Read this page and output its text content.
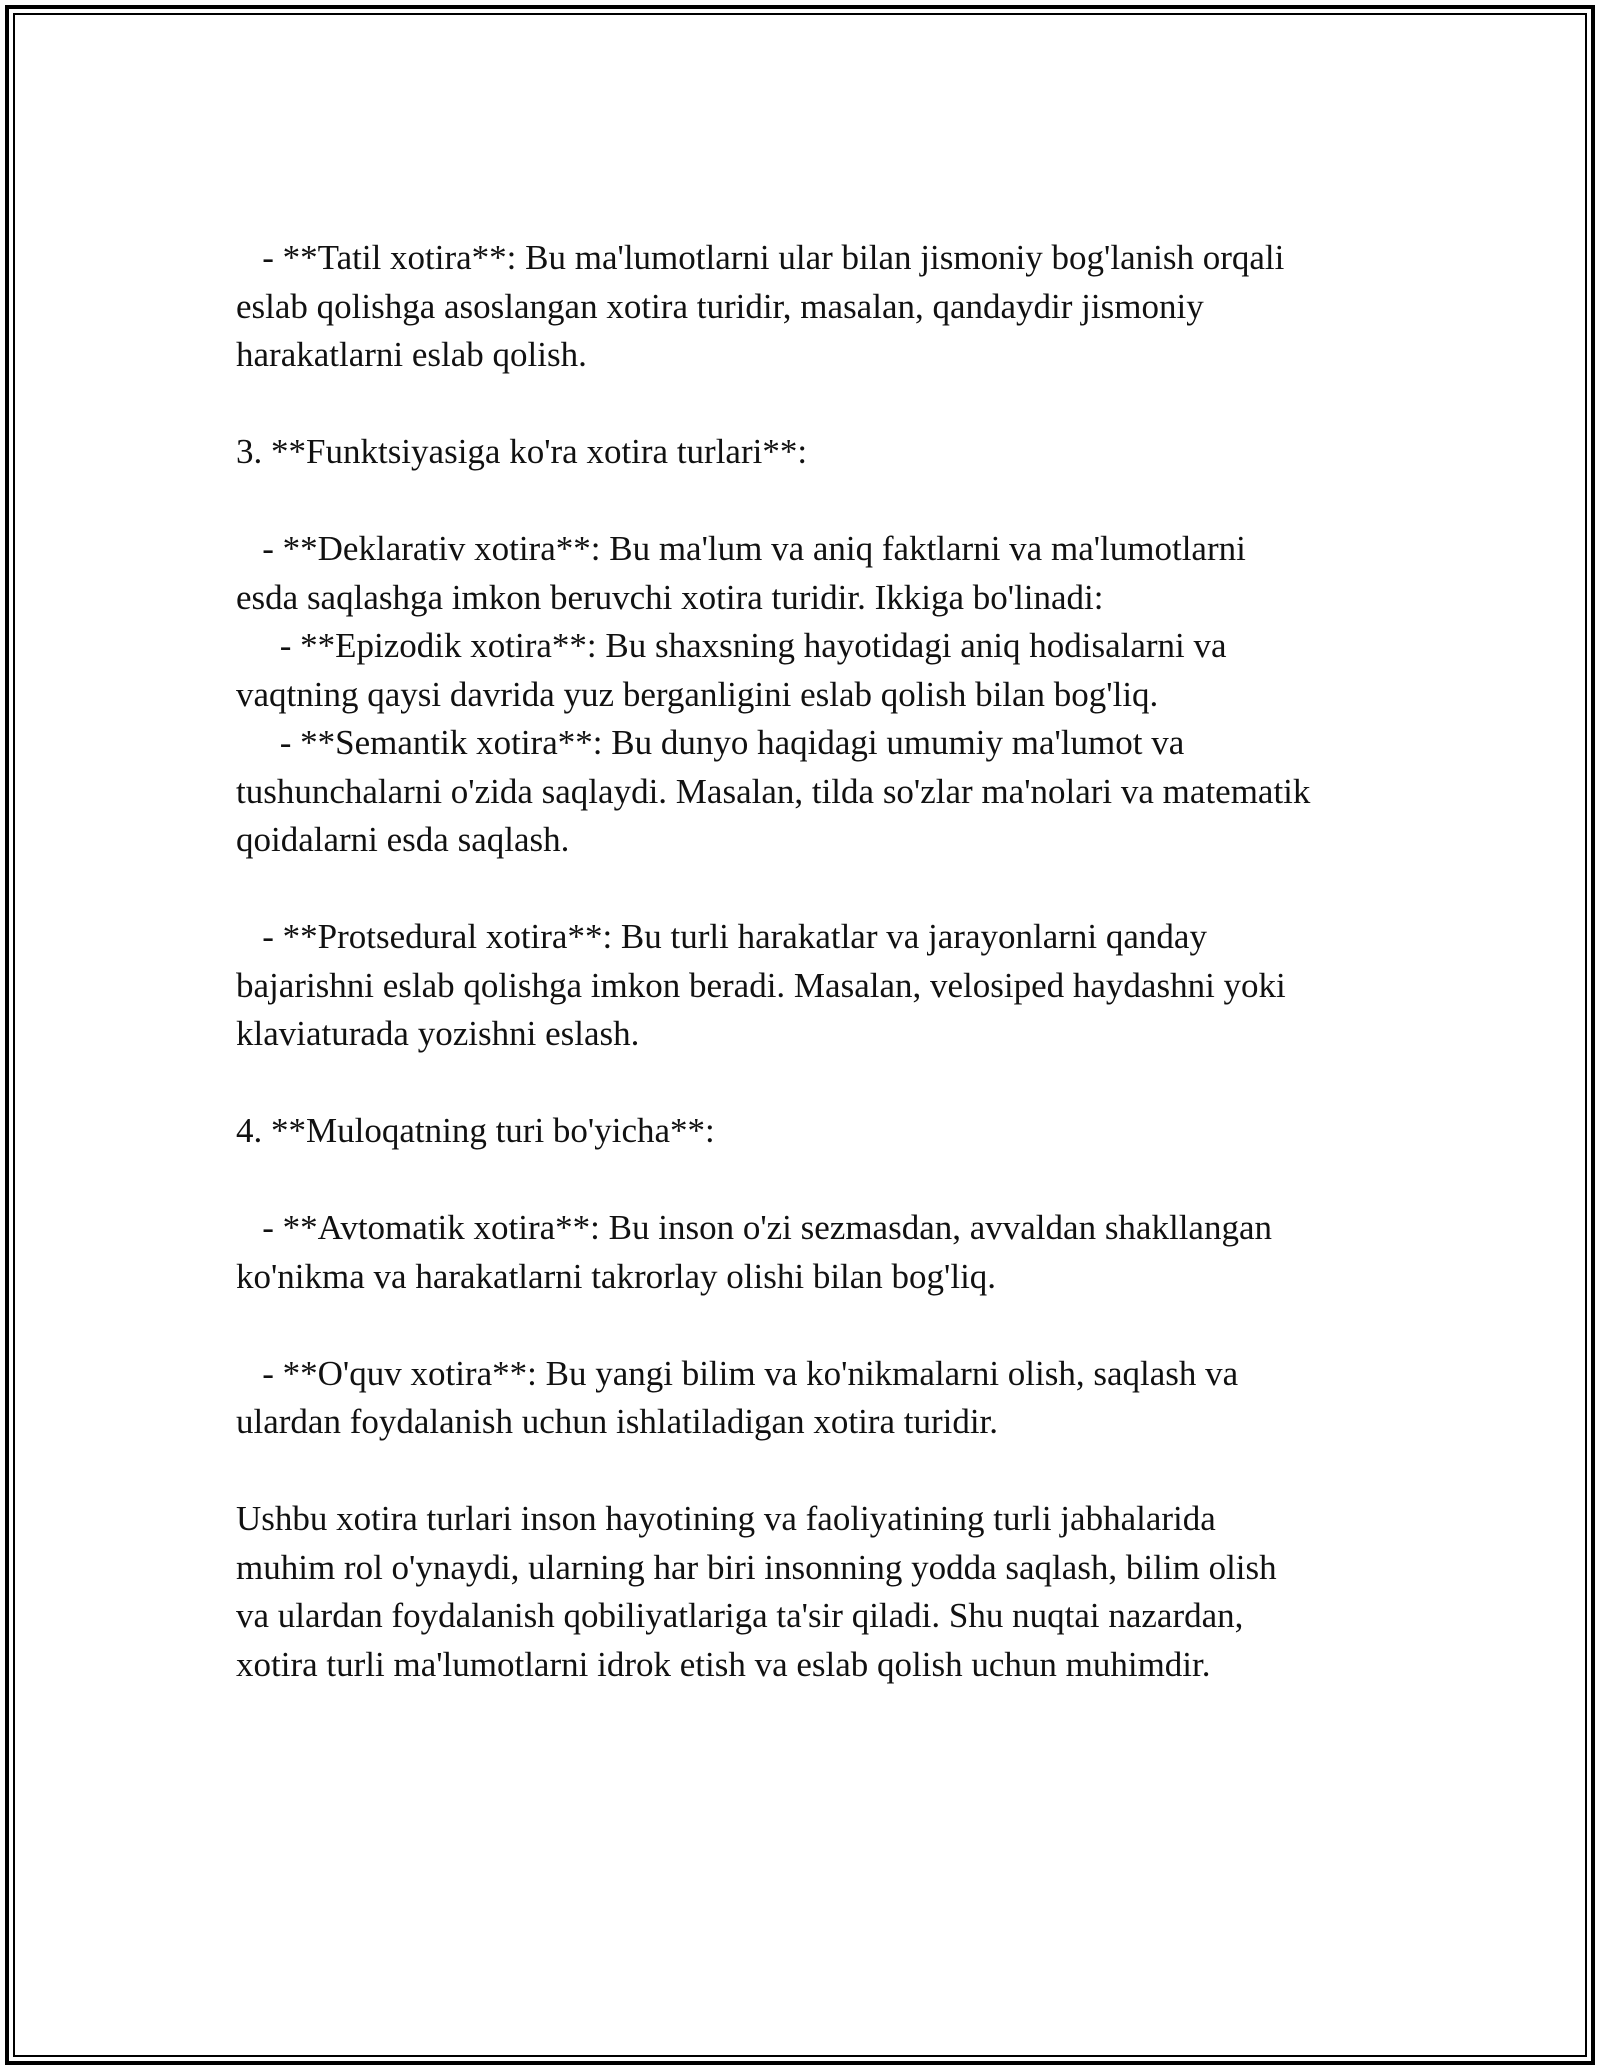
- **Tatil xotira**: Bu ma'lumotlarni ular bilan jismoniy bog'lanish orqali
eslab qolishga asoslangan xotira turidir, masalan, qandaydir jismoniy
harakatlarni eslab qolish.
3. **Funktsiyasiga ko'ra xotira turlari**:
- **Deklarativ xotira**: Bu ma'lum va aniq faktlarni va ma'lumotlarni
esda saqlashga imkon beruvchi xotira turidir. Ikkiga bo'linadi:
- **Epizodik xotira**: Bu shaxsning hayotidagi aniq hodisalarni va
vaqtning qaysi davrida yuz berganligini eslab qolish bilan bog'liq.
- **Semantik xotira**: Bu dunyo haqidagi umumiy ma'lumot va
tushunchalarni o'zida saqlaydi. Masalan, tilda so'zlar ma'nolari va matematik
qoidalarni esda saqlash.
- **Protsedural xotira**: Bu turli harakatlar va jarayonlarni qanday
bajarishni eslab qolishga imkon beradi. Masalan, velosiped haydashni yoki
klaviaturada yozishni eslash.
4. **Muloqatning turi bo'yicha**:
- **Avtomatik xotira**: Bu inson o'zi sezmasdan, avvaldan shakllangan
ko'nikma va harakatlarni takrorlay olishi bilan bog'liq.
- **O'quv xotira**: Bu yangi bilim va ko'nikmalarni olish, saqlash va
ulardan foydalanish uchun ishlatiladigan xotira turidir.
Ushbu xotira turlari inson hayotining va faoliyatining turli jabhalarida
muhim rol o'ynaydi, ularning har biri insonning yodda saqlash, bilim olish
va ulardan foydalanish qobiliyatlariga ta'sir qiladi. Shu nuqtai nazardan,
xotira turli ma'lumotlarni idrok etish va eslab qolish uchun muhimdir.
